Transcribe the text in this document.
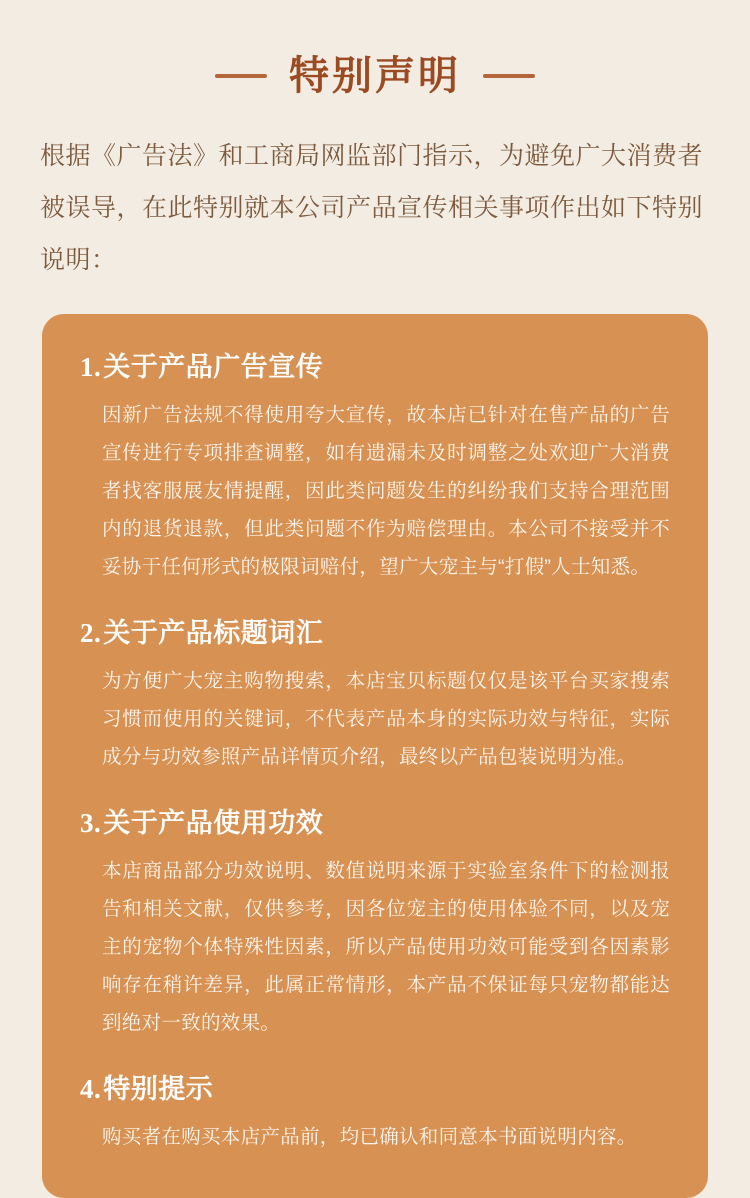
特别声明

根据《广告法》和工商局网监部门指示，为避免广大消费者被误导，在此特别就本公司产品宣传相关事项作出如下特别说明：

1.关于产品广告宣传
因新广告法规不得使用夸大宣传，故本店已针对在售产品的广告宣传进行专项排查调整，如有遗漏未及时调整之处欢迎广大消费者找客服展友情提醒，因此类问题发生的纠纷我们支持合理范围内的退货退款，但此类问题不作为赔偿理由。本公司不接受并不妥协于任何形式的极限词赔付，望广大宠主与“打假”人士知悉。
2.关于产品标题词汇
为方便广大宠主购物搜索，本店宝贝标题仅仅是该平台买家搜索习惯而使用的关键词，不代表产品本身的实际功效与特征，实际成分与功效参照产品详情页介绍，最终以产品包装说明为准。
3.关于产品使用功效
本店商品部分功效说明、数值说明来源于实验室条件下的检测报告和相关文献，仅供参考，因各位宠主的使用体验不同，以及宠主的宠物个体特殊性因素，所以产品使用功效可能受到各因素影响存在稍许差异，此属正常情形，本产品不保证每只宠物都能达到绝对一致的效果。
4.特别提示
购买者在购买本店产品前，均已确认和同意本书面说明内容。
